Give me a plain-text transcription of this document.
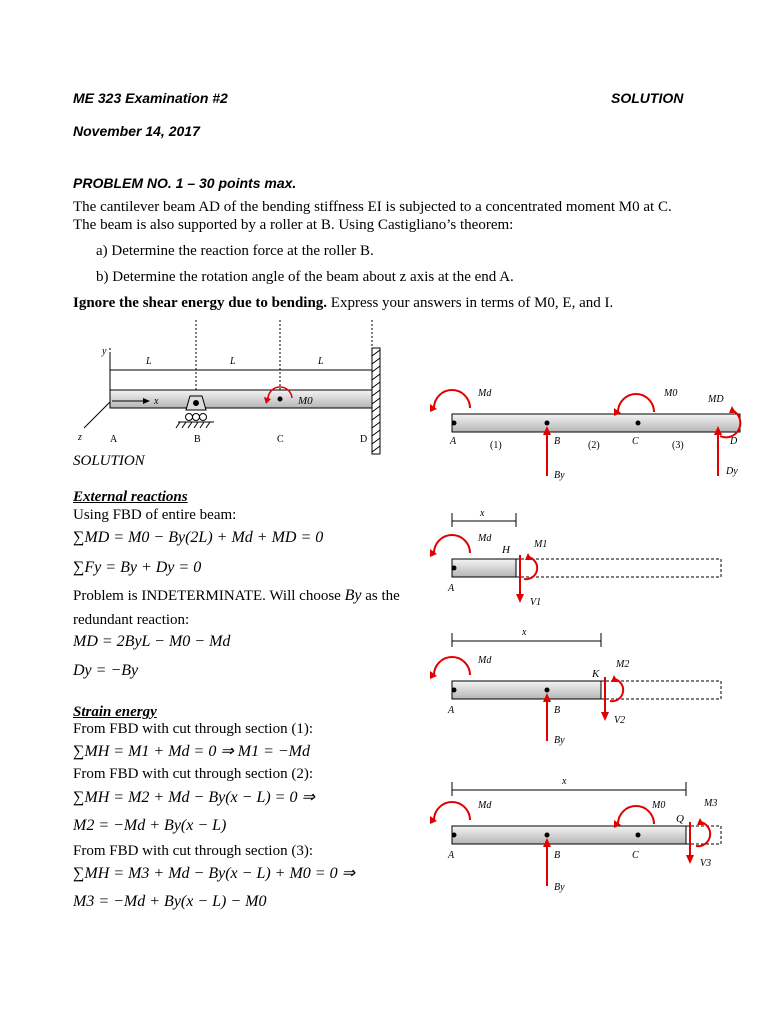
ME 323 Examination #2	SOLUTION
November 14, 2017
PROBLEM NO. 1 – 30 points max.
The cantilever beam AD of the bending stiffness EI is subjected to a concentrated moment M0 at C.
The beam is also supported by a roller at B. Using Castigliano’s theorem:
a) Determine the reaction force at the roller B.
b) Determine the rotation angle of the beam about z axis at the end A.
Ignore the shear energy due to bending. Express your answers in terms of M0, E, and I.
L	L	L
y
x
z
M0
A	B	C	D
Md	M0
MD
A	(1)	B	(2)	C	(3)	D
By	Dy
x
Md
H M1
A
V1
x
Md
K
M2
A	B
V2
By
x
Md	M0	M3
Q
A	B	C
V3
By
SOLUTION
External reactions
Using FBD of entire beam:
∑MD = M0 − By(2L) + Md + MD = 0
∑Fy = By + Dy = 0
Problem is INDETERMINATE. Will choose By as the
redundant reaction:
MD = 2ByL − M0 − Md
Dy = −By
Strain energy
From FBD with cut through section (1):
∑MH = M1 + Md = 0 ⇒ M1 = −Md
From FBD with cut through section (2):
∑MH = M2 + Md − By(x − L) = 0 ⇒
M2 = −Md + By(x − L)
From FBD with cut through section (3):
∑MH = M3 + Md − By(x − L) + M0 = 0 ⇒
M3 = −Md + By(x − L) − M0
